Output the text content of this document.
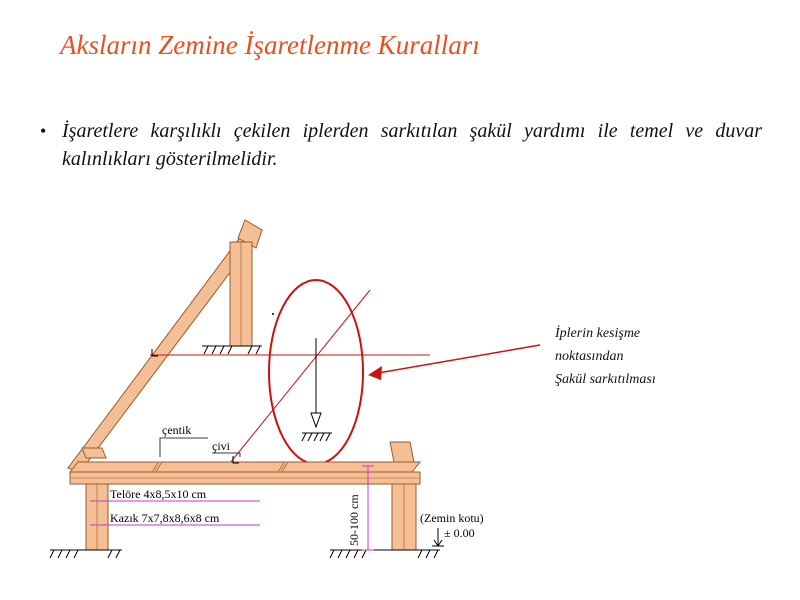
Aksların Zemine İşaretlenme Kuralları
• İşaretlere karşılıklı çekilen iplerden sarkıtılan şakül yardımı ile temel ve duvar kalınlıkları gösterilmelidir.
çentik
çivi
Telöre 4x8,5x10 cm
Kazık 7x7,8x8,6x8 cm	50-100 cm	(Zemin kotu)
± 0.00
İplerin kesişme
noktasından
Şakül sarkıtılması
